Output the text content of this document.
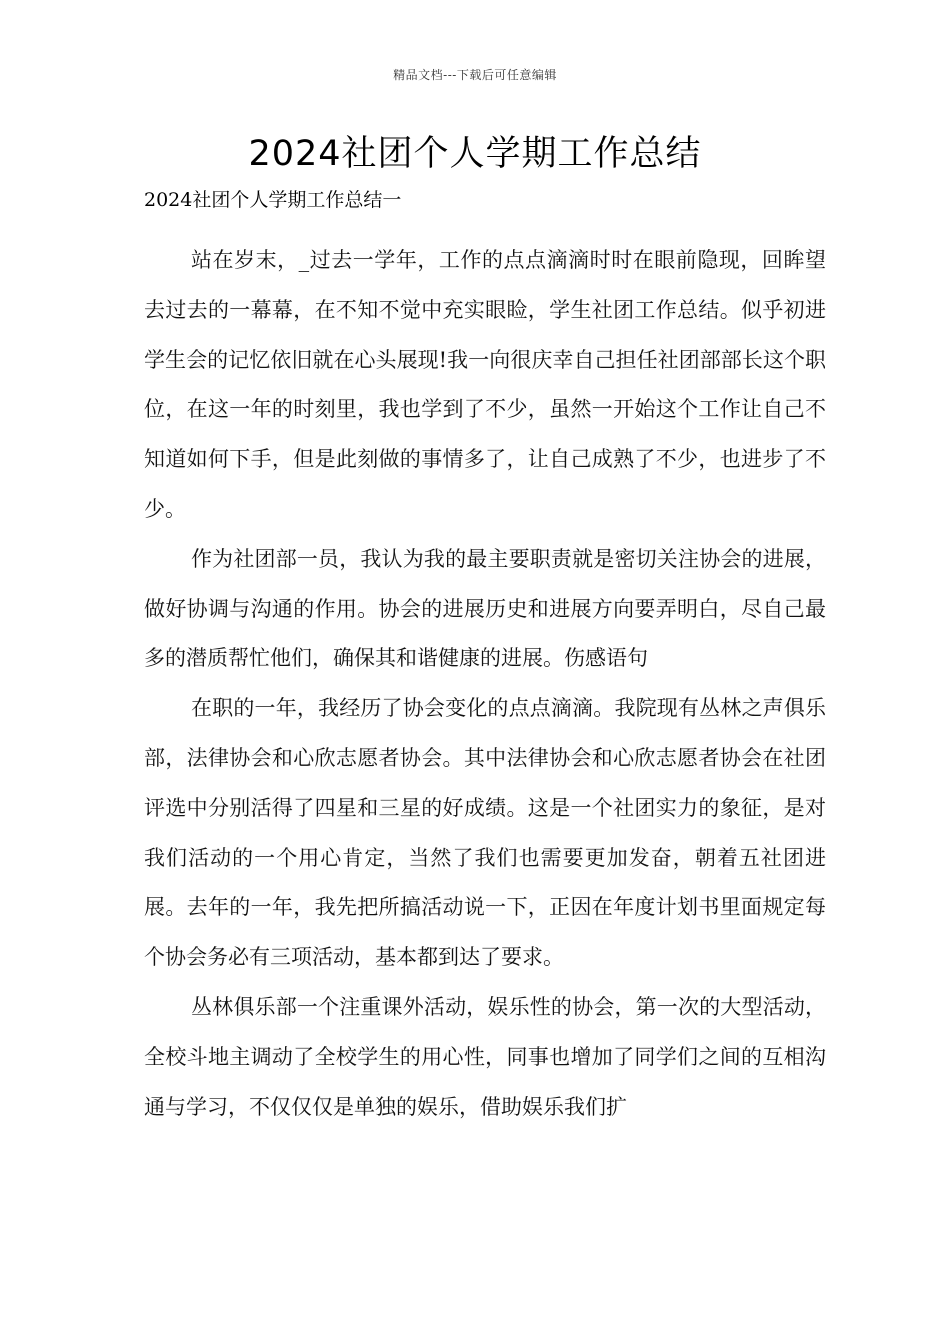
精品文档---下载后可任意编辑
2024社团个人学期工作总结
2024社团个人学期工作总结一

站在岁末，_过去一学年，工作的点点滴滴时时在眼前隐现，回眸望去过去的一幕幕，在不知不觉中充实眼睑，学生社团工作总结。似乎初进学生会的记忆依旧就在心头展现!我一向很庆幸自己担任社团部部长这个职位，在这一年的时刻里，我也学到了不少，虽然一开始这个工作让自己不知道如何下手，但是此刻做的事情多了，让自己成熟了不少，也进步了不少。

作为社团部一员，我认为我的最主要职责就是密切关注协会的进展，做好协调与沟通的作用。协会的进展历史和进展方向要弄明白，尽自己最多的潜质帮忙他们，确保其和谐健康的进展。伤感语句

在职的一年，我经历了协会变化的点点滴滴。我院现有丛林之声俱乐部，法律协会和心欣志愿者协会。其中法律协会和心欣志愿者协会在社团评选中分别活得了四星和三星的好成绩。这是一个社团实力的象征，是对我们活动的一个用心肯定，当然了我们也需要更加发奋，朝着五社团进展。去年的一年，我先把所搞活动说一下，正因在年度计划书里面规定每个协会务必有三项活动，基本都到达了要求。

丛林俱乐部一个注重课外活动，娱乐性的协会，第一次的大型活动，全校斗地主调动了全校学生的用心性，同事也增加了同学们之间的互相沟通与学习，不仅仅仅是单独的娱乐，借助娱乐我们扩
